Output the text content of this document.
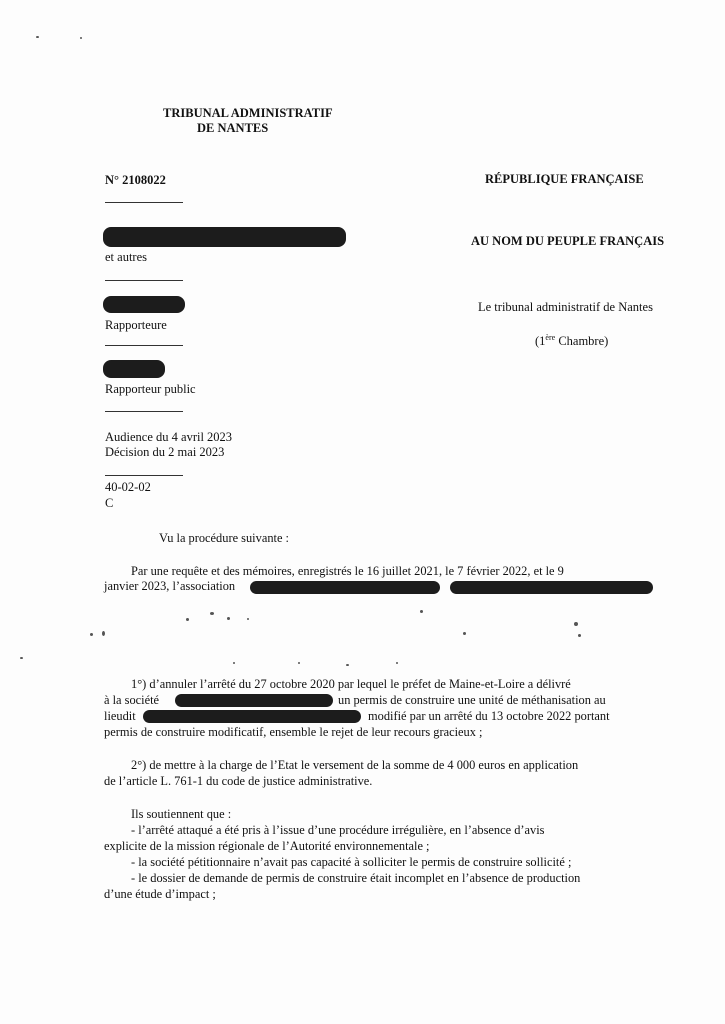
TRIBUNAL ADMINISTRATIF
DE NANTES
N° 2108022	RÉPUBLIQUE FRANÇAISE
AU NOM DU PEUPLE FRANÇAIS
Le tribunal administratif de Nantes
(1ère Chambre)
et autres
Rapporteure
Rapporteur public
Audience du 4 avril 2023
Décision du 2 mai 2023
40-02-02
C
Vu la procédure suivante :
Par une requête et des mémoires, enregistrés le 16 juillet 2021, le 7 février 2022, et le 9
janvier 2023, l’association
1°) d’annuler l’arrêté du 27 octobre 2020 par lequel le préfet de Maine-et-Loire a délivré
à la société	un permis de construire une unité de méthanisation au
lieudit	modifié par un arrêté du 13 octobre 2022 portant
permis de construire modificatif, ensemble le rejet de leur recours gracieux ;
2°) de mettre à la charge de l’Etat le versement de la somme de 4 000 euros en application
de l’article L. 761-1 du code de justice administrative.
Ils soutiennent que :
- l’arrêté attaqué a été pris à l’issue d’une procédure irrégulière, en l’absence d’avis
explicite de la mission régionale de l’Autorité environnementale ;
- la société pétitionnaire n’avait pas capacité à solliciter le permis de construire sollicité ;
- le dossier de demande de permis de construire était incomplet en l’absence de production
d’une étude d’impact ;
